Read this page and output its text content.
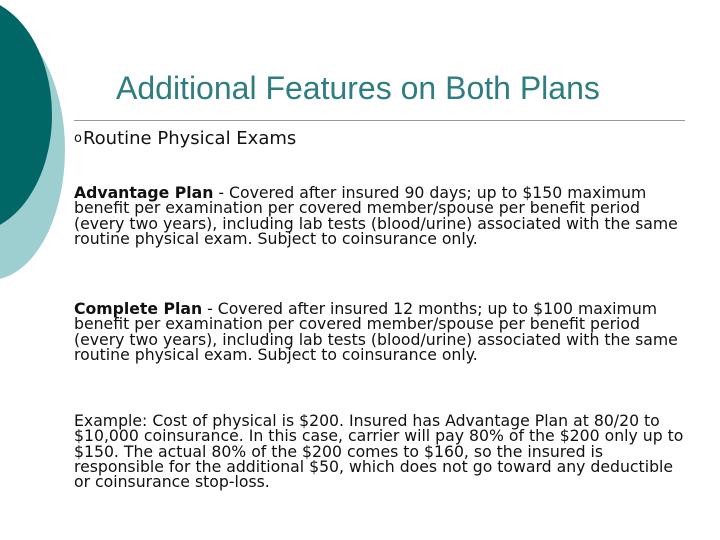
Additional Features on Both Plans
oRoutine Physical Exams
Advantage Plan - Covered after insured 90 days; up to $150 maximum benefit per examination per covered member/spouse per benefit period (every two years), including lab tests (blood/urine) associated with the same routine physical exam. Subject to coinsurance only.
Complete Plan - Covered after insured 12 months; up to $100 maximum benefit per examination per covered member/spouse per benefit period (every two years), including lab tests (blood/urine) associated with the same routine physical exam. Subject to coinsurance only.
Example: Cost of physical is $200. Insured has Advantage Plan at 80/20 to $10,000 coinsurance. In this case, carrier will pay 80% of the $200 only up to $150. The actual 80% of the $200 comes to $160, so the insured is responsible for the additional $50, which does not go toward any deductible or coinsurance stop-loss.
